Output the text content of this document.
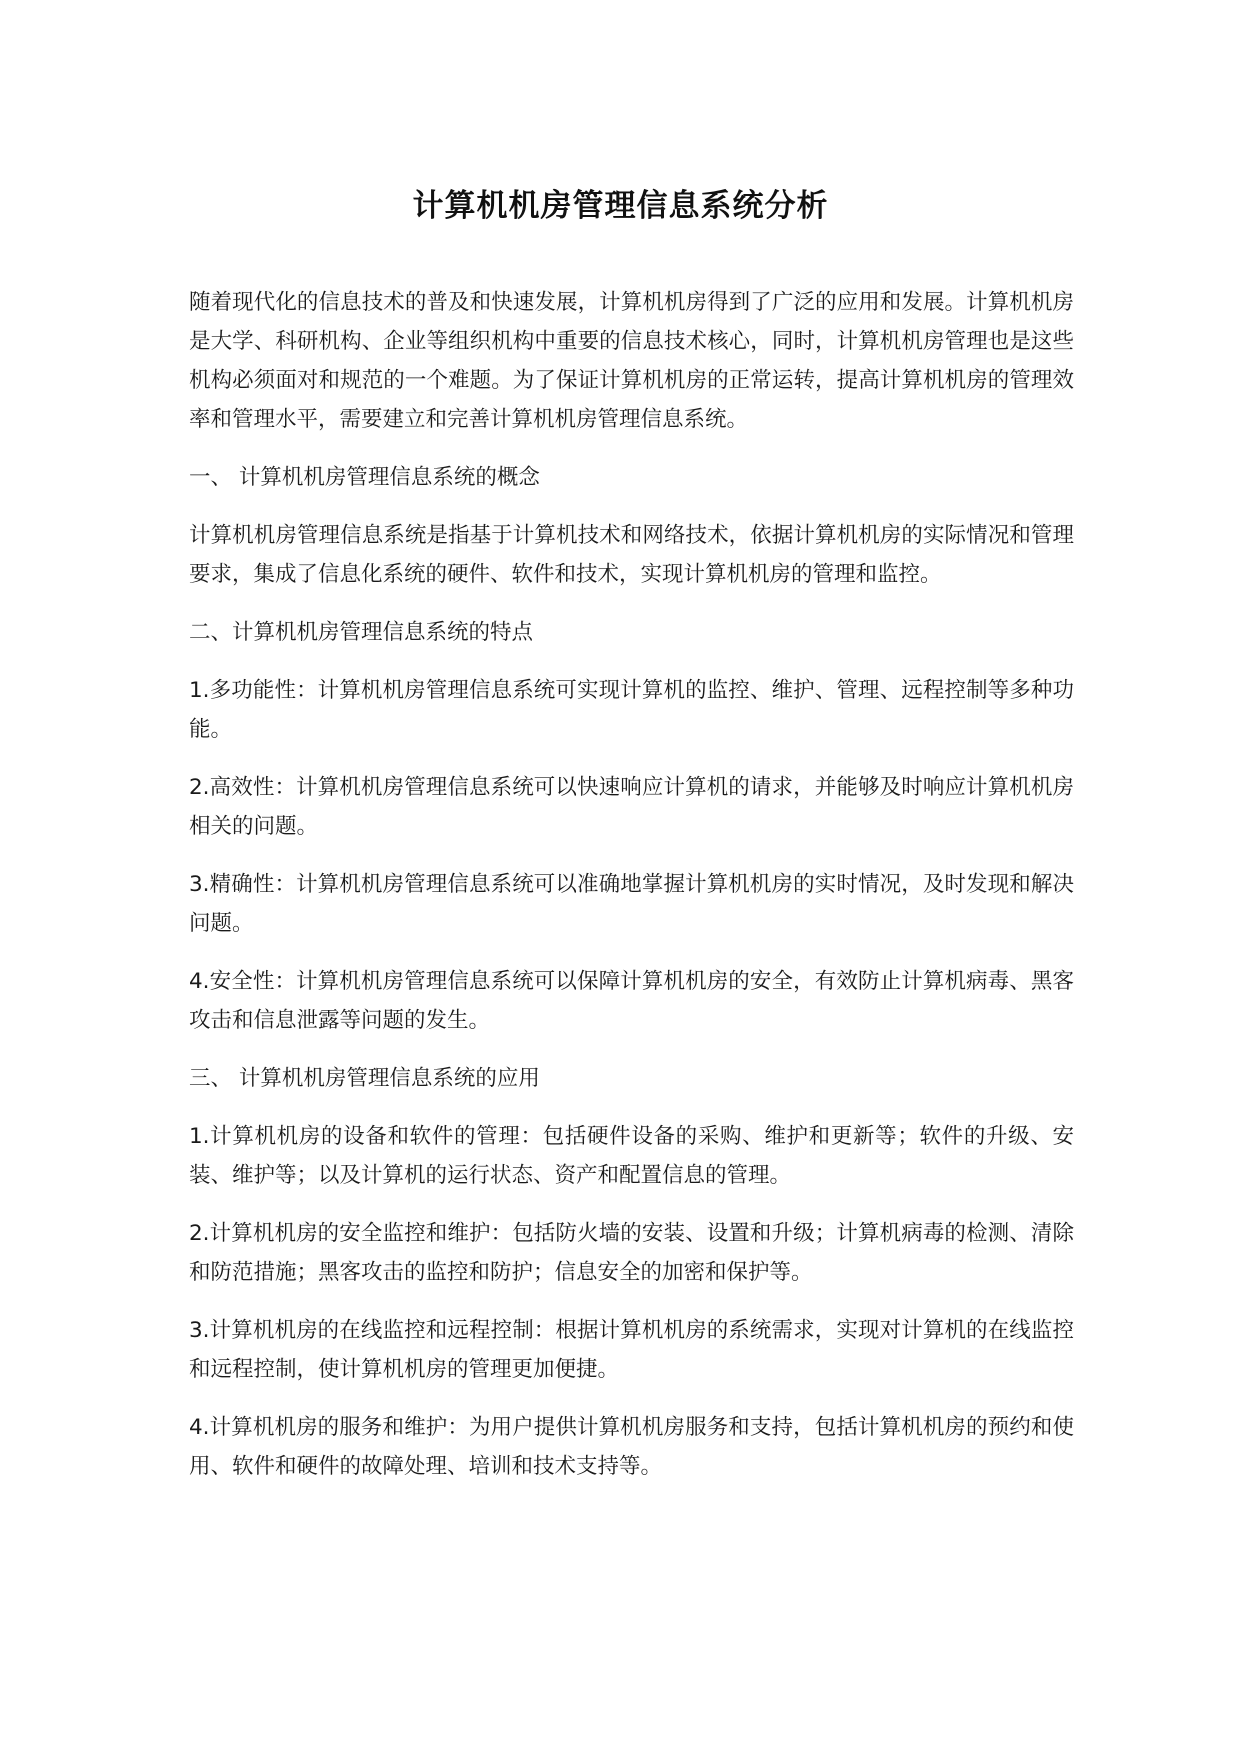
计算机机房管理信息系统分析

随着现代化的信息技术的普及和快速发展，计算机机房得到了广泛的应用和发展。计算机机房是大学、科研机构、企业等组织机构中重要的信息技术核心，同时，计算机机房管理也是这些机构必须面对和规范的一个难题。为了保证计算机机房的正常运转，提高计算机机房的管理效率和管理水平，需要建立和完善计算机机房管理信息系统。

一、 计算机机房管理信息系统的概念

计算机机房管理信息系统是指基于计算机技术和网络技术，依据计算机机房的实际情况和管理要求，集成了信息化系统的硬件、软件和技术，实现计算机机房的管理和监控。

二、计算机机房管理信息系统的特点

1.多功能性：计算机机房管理信息系统可实现计算机的监控、维护、管理、远程控制等多种功能。

2.高效性：计算机机房管理信息系统可以快速响应计算机的请求，并能够及时响应计算机机房相关的问题。

3.精确性：计算机机房管理信息系统可以准确地掌握计算机机房的实时情况，及时发现和解决问题。

4.安全性：计算机机房管理信息系统可以保障计算机机房的安全，有效防止计算机病毒、黑客攻击和信息泄露等问题的发生。

三、 计算机机房管理信息系统的应用

1.计算机机房的设备和软件的管理：包括硬件设备的采购、维护和更新等；软件的升级、安装、维护等；以及计算机的运行状态、资产和配置信息的管理。

2.计算机机房的安全监控和维护：包括防火墙的安装、设置和升级；计算机病毒的检测、清除和防范措施；黑客攻击的监控和防护；信息安全的加密和保护等。

3.计算机机房的在线监控和远程控制：根据计算机机房的系统需求，实现对计算机的在线监控和远程控制，使计算机机房的管理更加便捷。

4.计算机机房的服务和维护：为用户提供计算机机房服务和支持，包括计算机机房的预约和使用、软件和硬件的故障处理、培训和技术支持等。
